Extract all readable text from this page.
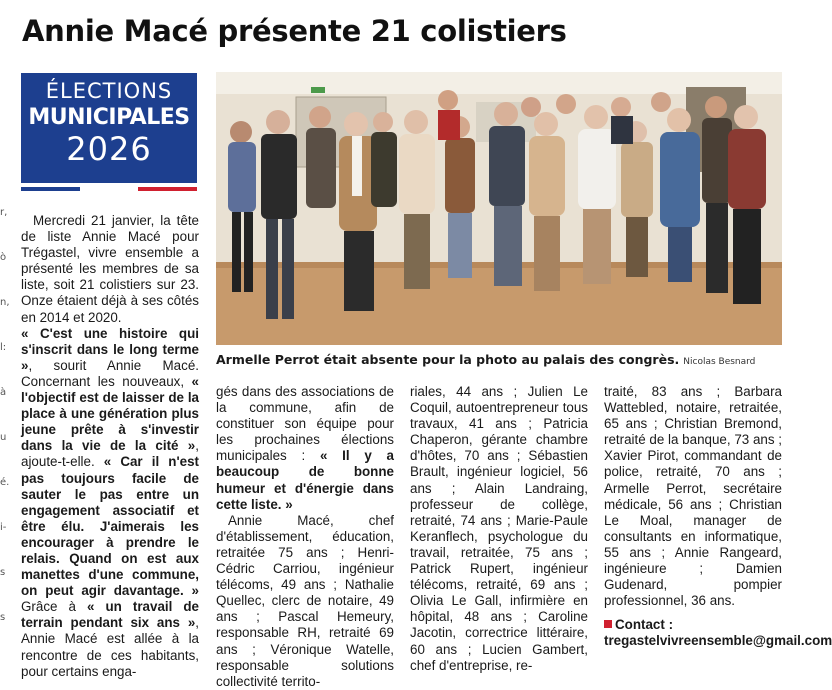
Annie Macé présente 21 colistiers
ÉLECTIONS
MUNICIPALES
2026
r,
ò
n,
l:
à
u
é.
i-
s
s
Armelle Perrot était absente pour la photo au palais des congrès. Nicolas Besnard

Mercredi 21 janvier, la tête de liste Annie Macé pour Trégastel, vivre ensemble a présenté les membres de sa liste, soit 21 colistiers sur 23. Onze étaient déjà à ses côtés en 2014 et 2020.

« C'est une histoire qui s'inscrit dans le long terme », sourit Annie Macé. Concernant les nouveaux, « l'objectif est de laisser de la place à une génération plus jeune prête à s'investir dans la vie de la cité », ajoute-t-elle. « Car il n'est pas toujours facile de sauter le pas entre un engagement associatif et être élu. J'aimerais les encourager à prendre le relais. Quand on est aux manettes d'une commune, on peut agir davantage. » Grâce à « un travail de terrain pendant six ans », Annie Macé est allée à la rencontre de ces habitants, pour certains enga-

gés dans des associations de la commune, afin de constituer son équipe pour les prochaines élections municipales : « Il y a beaucoup de bonne humeur et d'énergie dans cette liste. »

Annie Macé, chef d'établissement, éducation, retraitée 75 ans ; Henri-Cédric Carriou, ingénieur télécoms, 49 ans ; Nathalie Quellec, clerc de notaire, 49 ans ; Pascal Hemeury, responsable RH, retraité 69 ans ; Véronique Watelle, responsable solutions collectivité territo-

riales, 44 ans ; Julien Le Coquil, autoentrepreneur tous travaux, 41 ans ; Patricia Chaperon, gérante chambre d'hôtes, 70 ans ; Sébastien Brault, ingénieur logiciel, 56 ans ; Alain Landraing, professeur de collège, retraité, 74 ans ; Marie-Paule Keranflech, psychologue du travail, retraitée, 75 ans ; Patrick Rupert, ingénieur télécoms, retraité, 69 ans ; Olivia Le Gall, infirmière en hôpital, 48 ans ; Caroline Jacotin, correctrice littéraire, 60 ans ; Lucien Gambert, chef d'entreprise, re-

traité, 83 ans ; Barbara Wattebled, notaire, retraitée, 65 ans ; Christian Bremond, retraité de la banque, 73 ans ; Xavier Pirot, commandant de police, retraité, 70 ans ; Armelle Perrot, secrétaire médicale, 56 ans ; Christian Le Moal, manager de consultants en informatique, 55 ans ; Annie Rangeard, ingénieure ; Damien Gudenard, pompier professionnel, 36 ans.

Contact : tregastelvivreensemble@gmail.com
